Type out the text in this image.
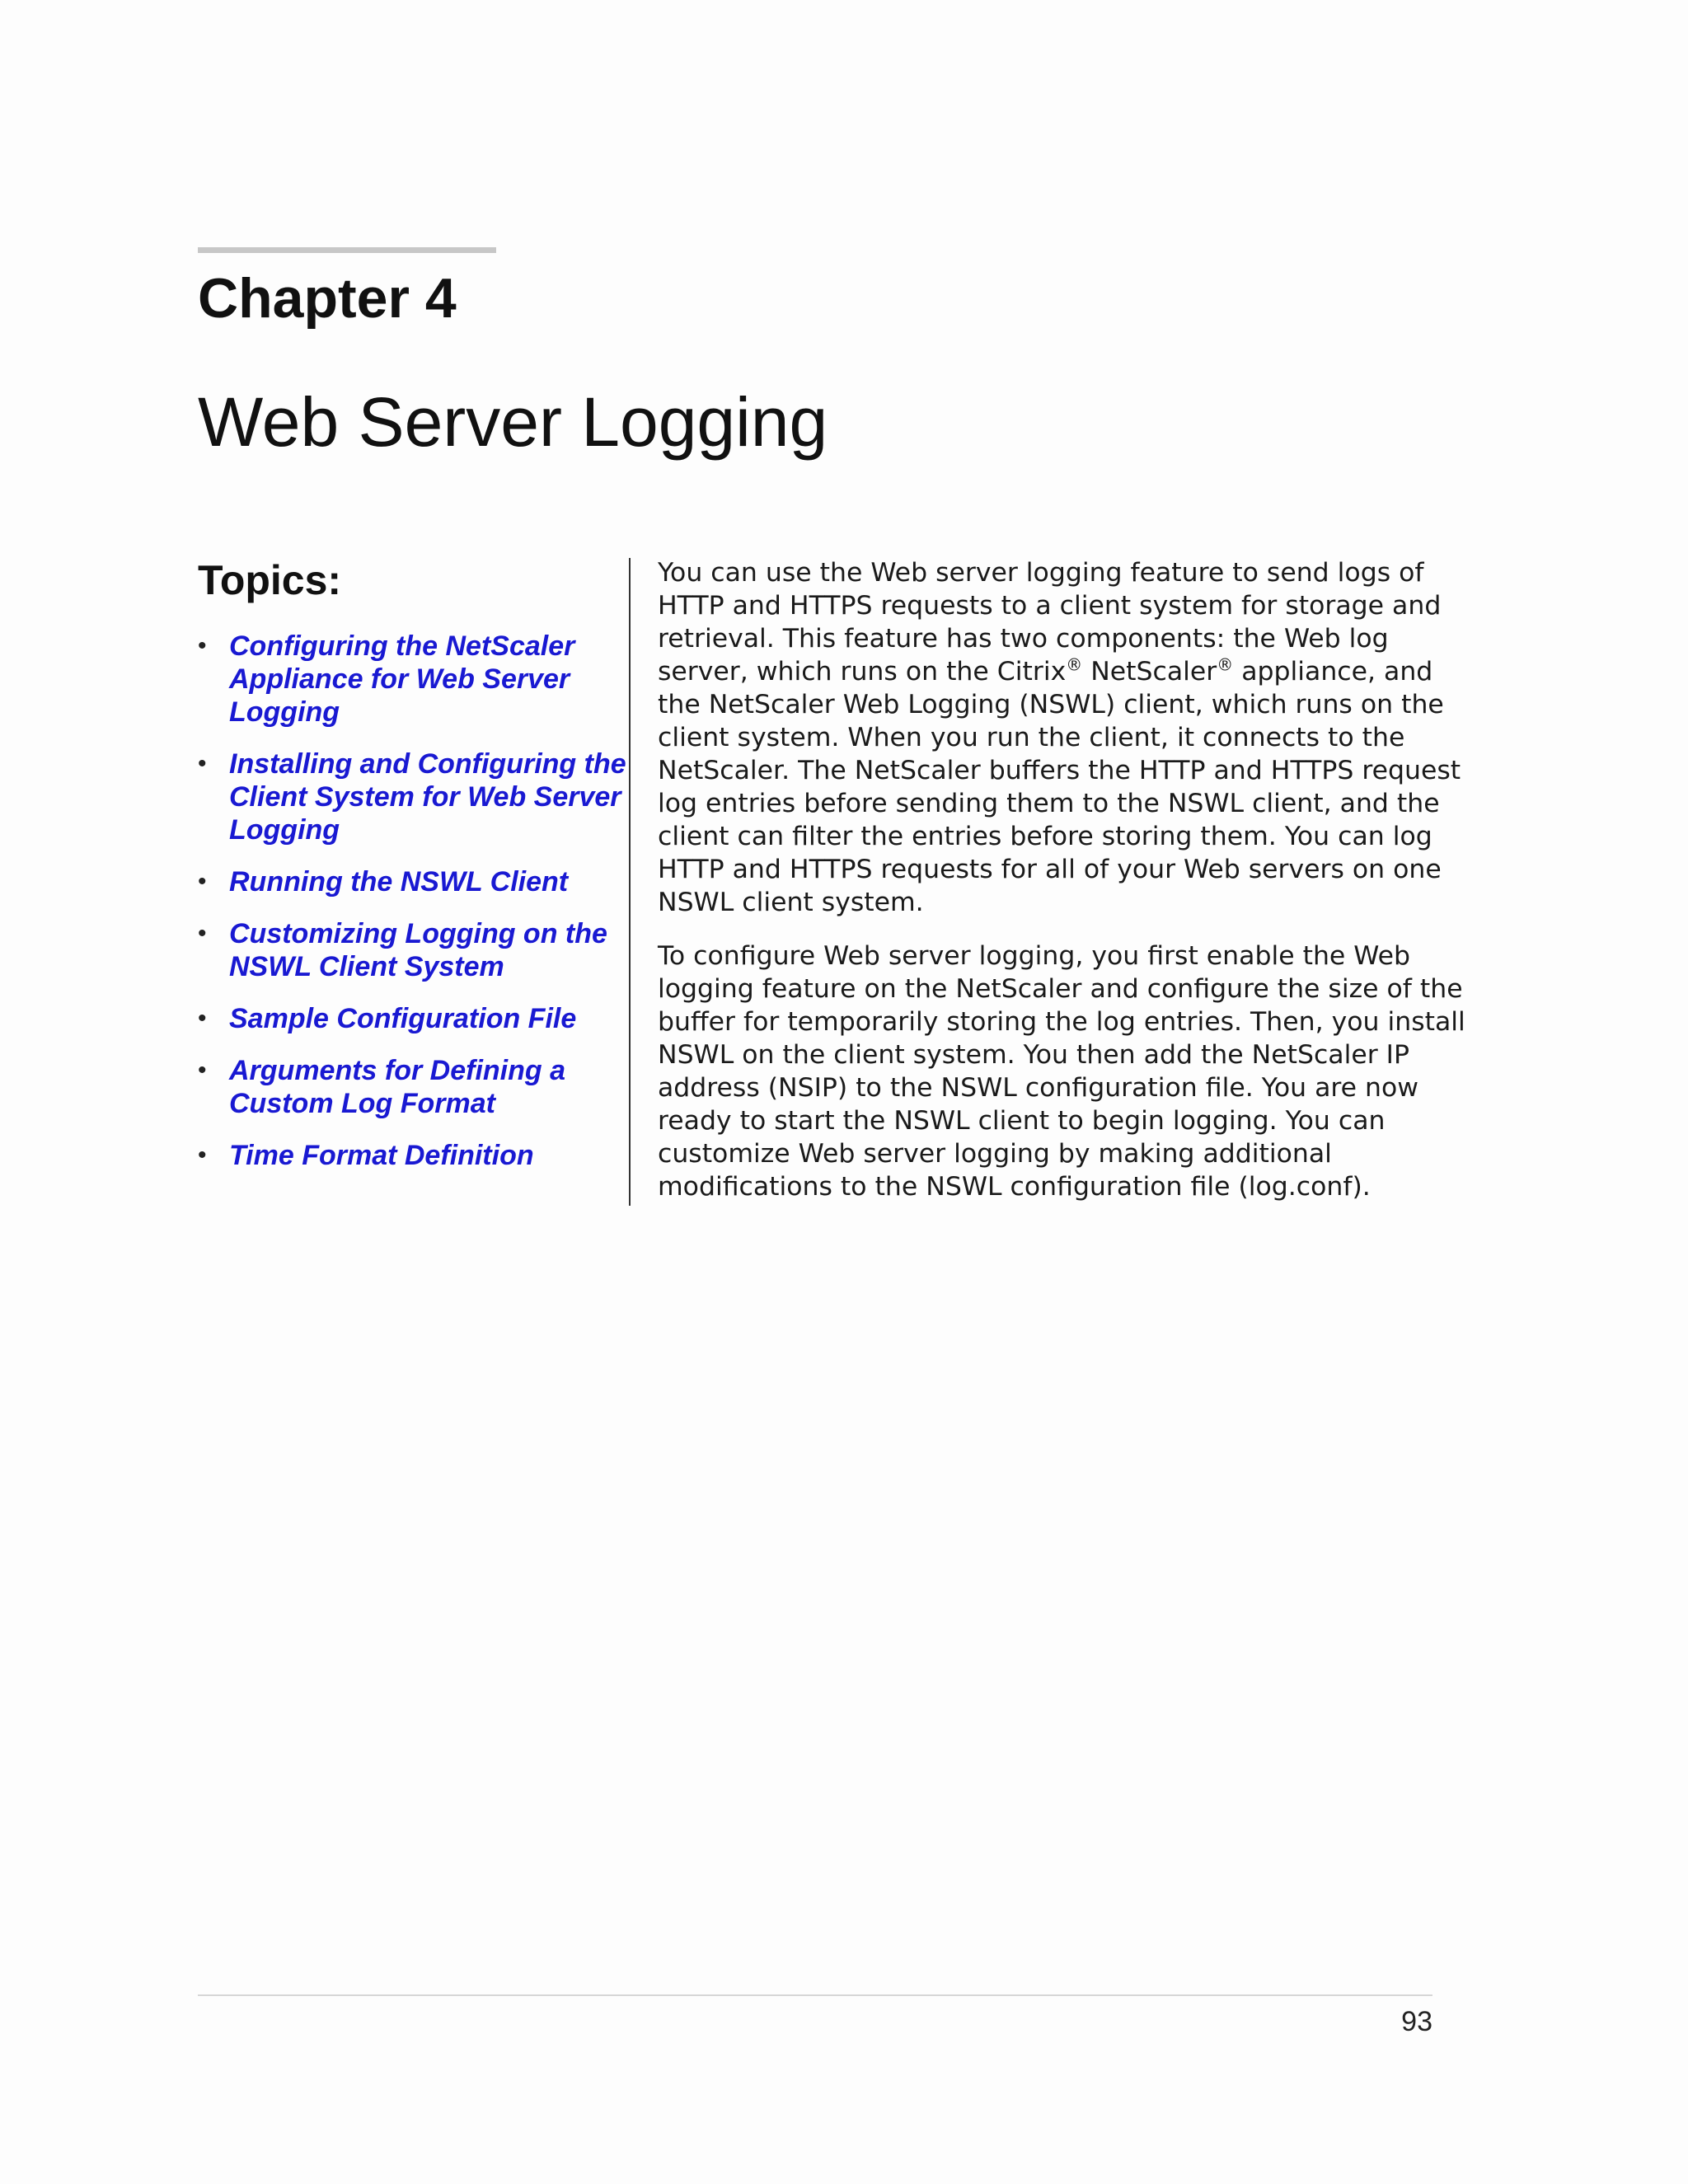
Chapter 4
Web Server Logging
Topics:
• Configuring the NetScaler Appliance for Web Server Logging
• Installing and Configuring the Client System for Web Server Logging
• Running the NSWL Client
• Customizing Logging on the NSWL Client System
• Sample Configuration File
• Arguments for Defining a Custom Log Format
• Time Format Definition

You can use the Web server logging feature to send logs of HTTP and HTTPS requests to a client system for storage and retrieval. This feature has two components: the Web log server, which runs on the Citrix® NetScaler® appliance, and the NetScaler Web Logging (NSWL) client, which runs on the client system. When you run the client, it connects to the NetScaler. The NetScaler buffers the HTTP and HTTPS request log entries before sending them to the NSWL client, and the client can filter the entries before storing them. You can log HTTP and HTTPS requests for all of your Web servers on one NSWL client system.

To configure Web server logging, you first enable the Web logging feature on the NetScaler and configure the size of the buffer for temporarily storing the log entries. Then, you install NSWL on the client system. You then add the NetScaler IP address (NSIP) to the NSWL configuration file. You are now ready to start the NSWL client to begin logging. You can customize Web server logging by making additional modifications to the NSWL configuration file (log.conf).

93
